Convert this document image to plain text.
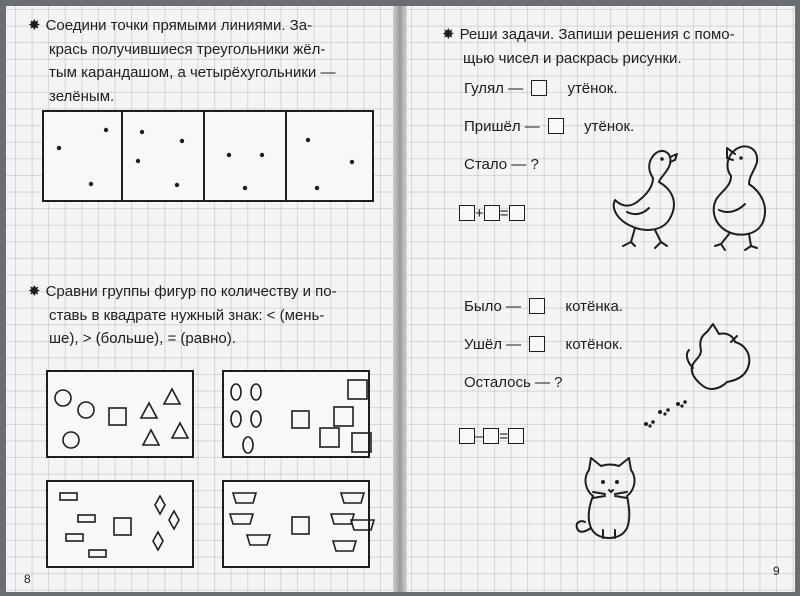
✸ Соедини точки прямыми линиями. За-
крась получившиеся треугольники жёл-
тым карандашом, а четырёхугольники —
зелёным.
✸ Сравни группы фигур по количеству и по-
ставь в квадрате нужный знак: < (мень-
ше), > (больше), = (равно).
8
✸ Реши задачи. Запиши решения с помо-
щью чисел и раскрась рисунки.
Гулял —	утёнок.
Пришёл —	утёнок.
Стало — ?
+ =
Было —	котёнка.
Ушёл —	котёнок.
Осталось — ?
– =
9
